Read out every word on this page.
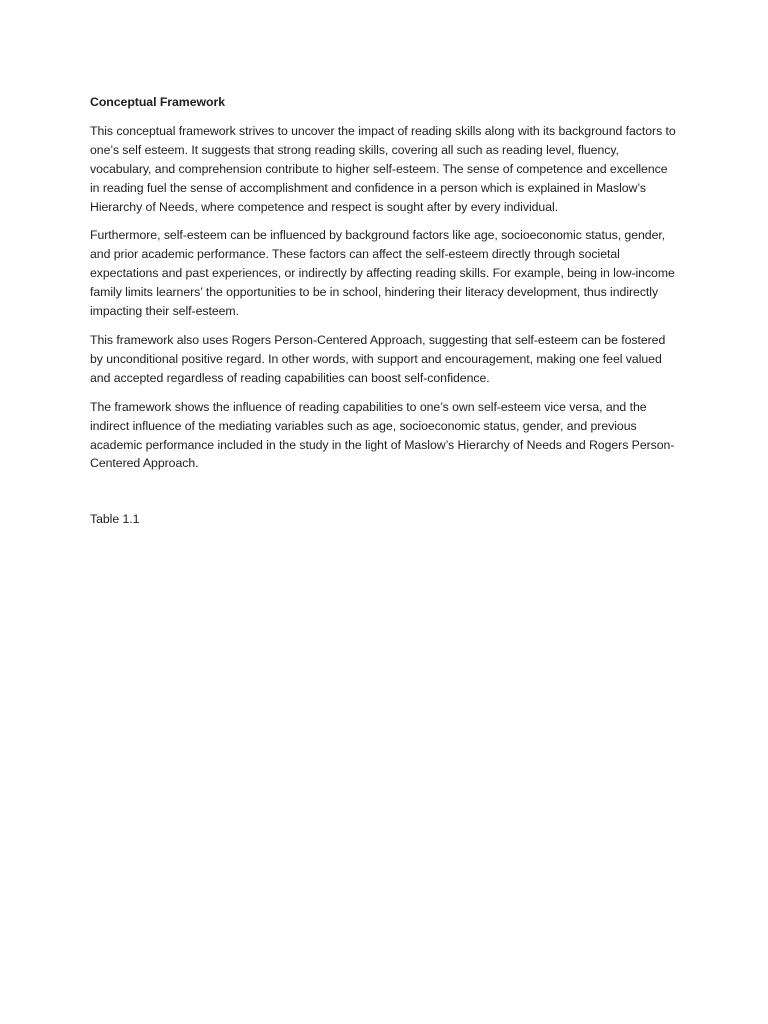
Conceptual Framework

This conceptual framework strives to uncover the impact of reading skills along with its background factors to one’s self esteem. It suggests that strong reading skills, covering all such as reading level, fluency, vocabulary, and comprehension contribute to higher self-esteem. The sense of competence and excellence in reading fuel the sense of accomplishment and confidence in a person which is explained in Maslow’s Hierarchy of Needs, where competence and respect is sought after by every individual.

Furthermore, self-esteem can be influenced by background factors like age, socioeconomic status, gender, and prior academic performance. These factors can affect the self-esteem directly through societal expectations and past experiences, or indirectly by affecting reading skills. For example, being in low-income family limits learners’ the opportunities to be in school, hindering their literacy development, thus indirectly impacting their self-esteem.

This framework also uses Rogers Person-Centered Approach, suggesting that self-esteem can be fostered by unconditional positive regard. In other words, with support and encouragement, making one feel valued and accepted regardless of reading capabilities can boost self-confidence.

The framework shows the influence of reading capabilities to one’s own self-esteem vice versa, and the indirect influence of the mediating variables such as age, socioeconomic status, gender, and previous academic performance included in the study in the light of Maslow’s Hierarchy of Needs and Rogers Person-Centered Approach.

Table 1.1
